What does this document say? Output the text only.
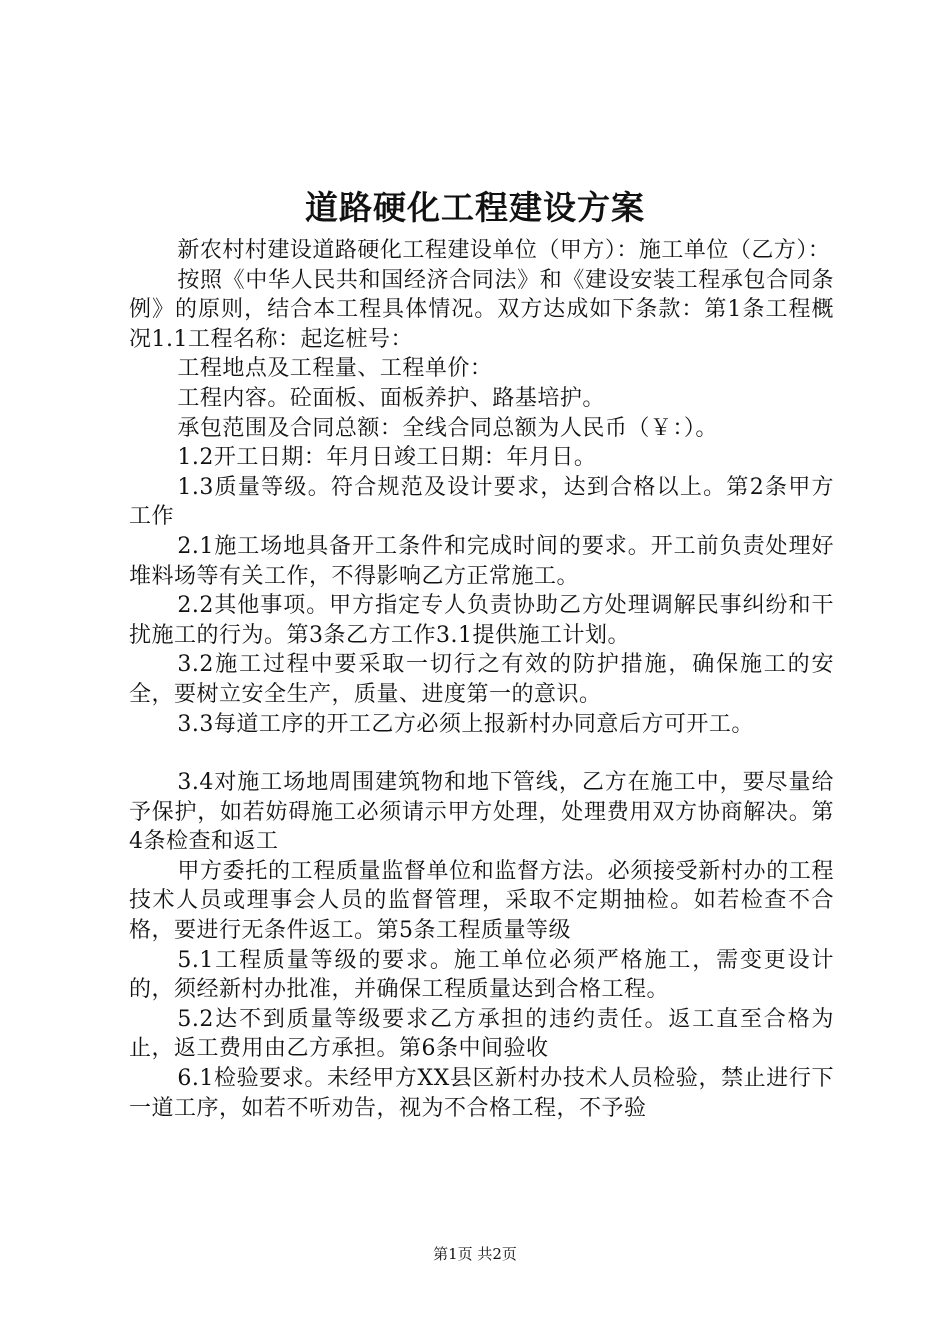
道路硬化工程建设方案

新农村村建设道路硬化工程建设单位（甲方）：施工单位（乙方）：

按照《中华人民共和国经济合同法》和《建设安装工程承包合同条例》的原则，结合本工程具体情况。双方达成如下条款：第1条工程概况1.1工程名称：起迄桩号：

工程地点及工程量、工程单价：

工程内容。砼面板、面板养护、路基培护。

承包范围及合同总额：全线合同总额为人民币（￥：）。

1.2开工日期：年月日竣工日期：年月日。

1.3质量等级。符合规范及设计要求，达到合格以上。第2条甲方工作

2.1施工场地具备开工条件和完成时间的要求。开工前负责处理好堆料场等有关工作，不得影响乙方正常施工。

2.2其他事项。甲方指定专人负责协助乙方处理调解民事纠纷和干扰施工的行为。第3条乙方工作3.1提供施工计划。

3.2施工过程中要采取一切行之有效的防护措施，确保施工的安全，要树立安全生产，质量、进度第一的意识。

3.3每道工序的开工乙方必须上报新村办同意后方可开工。

3.4对施工场地周围建筑物和地下管线，乙方在施工中，要尽量给予保护，如若妨碍施工必须请示甲方处理，处理费用双方协商解决。第4条检查和返工

甲方委托的工程质量监督单位和监督方法。必须接受新村办的工程技术人员或理事会人员的监督管理，采取不定期抽检。如若检查不合格，要进行无条件返工。第5条工程质量等级

5.1工程质量等级的要求。施工单位必须严格施工，需变更设计的，须经新村办批准，并确保工程质量达到合格工程。

5.2达不到质量等级要求乙方承担的违约责任。返工直至合格为止，返工费用由乙方承担。第6条中间验收

6.1检验要求。未经甲方XX县区新村办技术人员检验，禁止进行下一道工序，如若不听劝告，视为不合格工程，不予验

第1页 共2页
